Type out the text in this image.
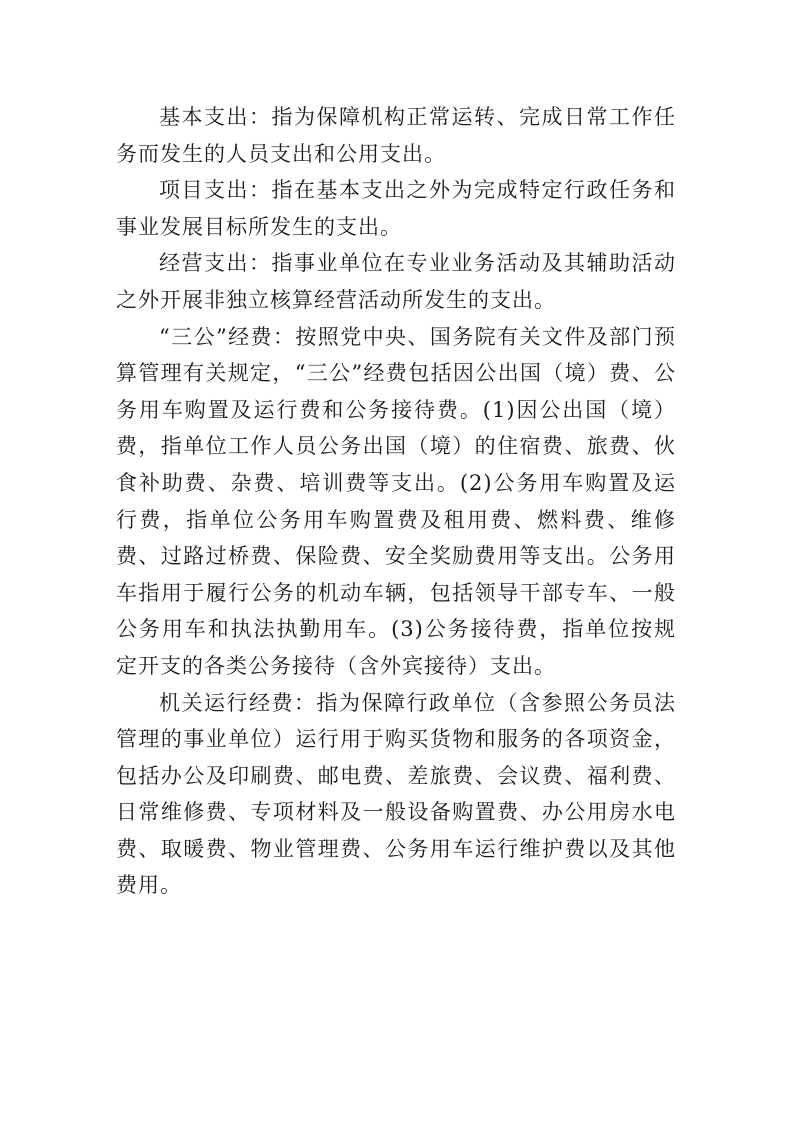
基本支出：指为保障机构正常运转、完成日常工作任务而发生的人员支出和公用支出。

项目支出：指在基本支出之外为完成特定行政任务和事业发展目标所发生的支出。

经营支出：指事业单位在专业业务活动及其辅助活动之外开展非独立核算经营活动所发生的支出。

“三公”经费：按照党中央、国务院有关文件及部门预算管理有关规定，“三公”经费包括因公出国（境）费、公务用车购置及运行费和公务接待费。(1)因公出国（境）费，指单位工作人员公务出国（境）的住宿费、旅费、伙食补助费、杂费、培训费等支出。(2)公务用车购置及运行费，指单位公务用车购置费及租用费、燃料费、维修费、过路过桥费、保险费、安全奖励费用等支出。公务用车指用于履行公务的机动车辆，包括领导干部专车、一般公务用车和执法执勤用车。(3)公务接待费，指单位按规定开支的各类公务接待（含外宾接待）支出。

机关运行经费：指为保障行政单位（含参照公务员法管理的事业单位）运行用于购买货物和服务的各项资金，包括办公及印刷费、邮电费、差旅费、会议费、福利费、日常维修费、专项材料及一般设备购置费、办公用房水电费、取暖费、物业管理费、公务用车运行维护费以及其他费用。
